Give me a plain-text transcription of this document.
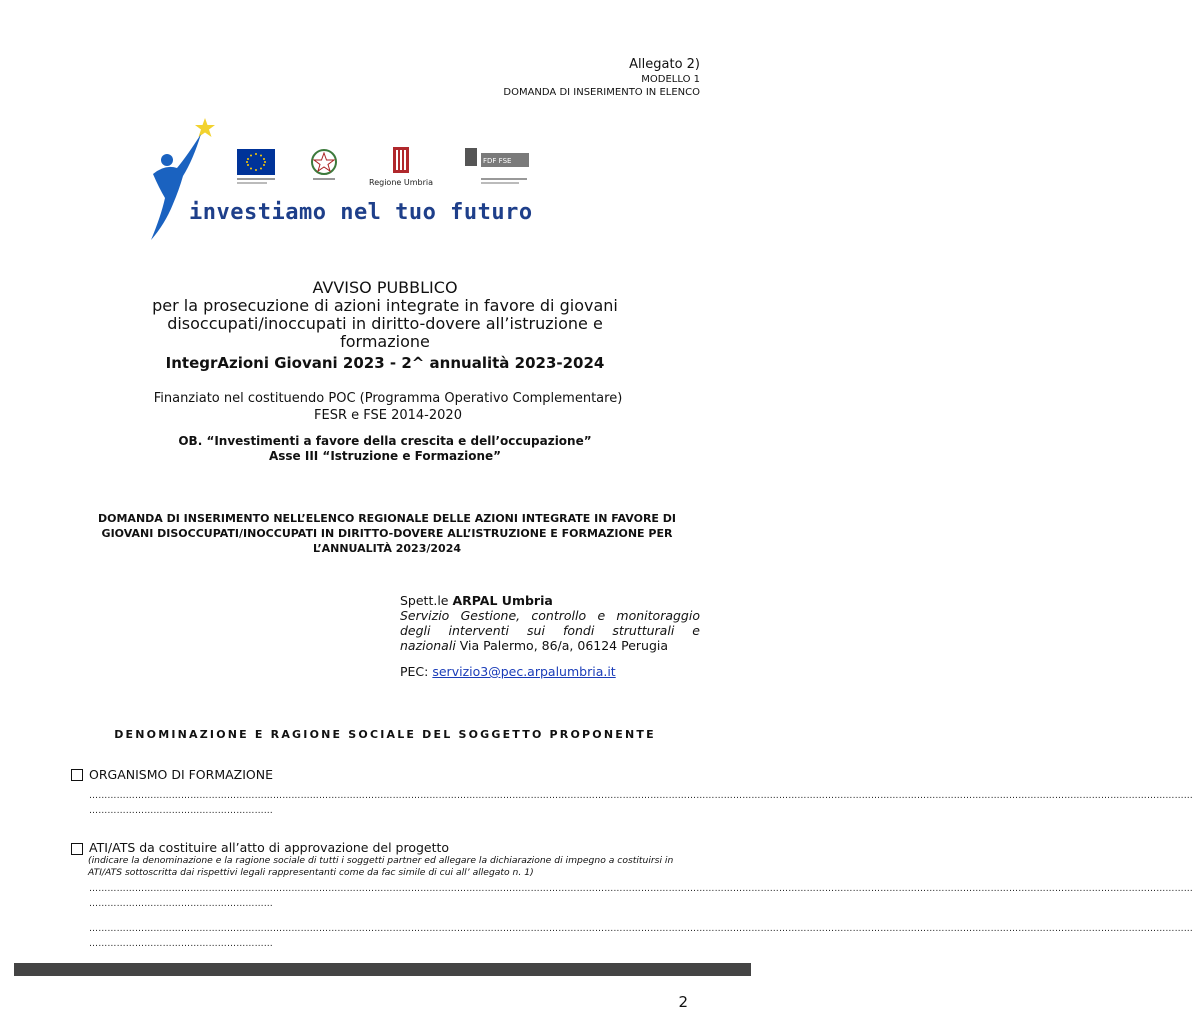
Allegato 2)
MODELLO 1
DOMANDA DI INSERIMENTO IN ELENCO
Regione Umbria
FDF FSE
investiamo nel tuo futuro
AVVISO PUBBLICO
per la prosecuzione di azioni integrate in favore di giovani
disoccupati/inoccupati in diritto-dovere all’istruzione e
formazione
IntegrAzioni Giovani 2023 - 2^ annualità 2023-2024
Finanziato nel costituendo POC (Programma Operativo Complementare)
FESR e FSE 2014-2020
OB. “Investimenti a favore della crescita e dell’occupazione”
Asse III “Istruzione e Formazione”
DOMANDA DI INSERIMENTO NELL’ELENCO REGIONALE DELLE AZIONI INTEGRATE IN FAVORE DI
GIOVANI DISOCCUPATI/INOCCUPATI IN DIRITTO-DOVERE ALL’ISTRUZIONE E FORMAZIONE PER
L’ANNUALITÀ 2023/2024
Spett.le ARPAL Umbria
Servizio Gestione, controllo e monitoraggio
degli interventi sui fondi strutturali e
nazionali Via Palermo, 86/a, 06124 Perugia
PEC: servizio3@pec.arpalumbria.it
DENOMINAZIONE E RAGIONE SOCIALE DEL SOGGETTO PROPONENTE
ORGANISMO DI FORMAZIONE
………………………………………………………………………………………………………………………………………………………………………………………………………………………………………………………………………………………………………………………………
……………………………………………………
ATI/ATS da costituire all’atto di approvazione del progetto
(indicare la denominazione e la ragione sociale di tutti i soggetti partner ed allegare la dichiarazione di impegno a costituirsi in ATI/ATS sottoscritta dai rispettivi legali rappresentanti come da fac simile di cui all’ allegato n. 1)
………………………………………………………………………………………………………………………………………………………………………………………………………………………………………………………………………………………………………………………………
……………………………………………………
………………………………………………………………………………………………………………………………………………………………………………………………………………………………………………………………………………………………………………………………
……………………………………………………
2
